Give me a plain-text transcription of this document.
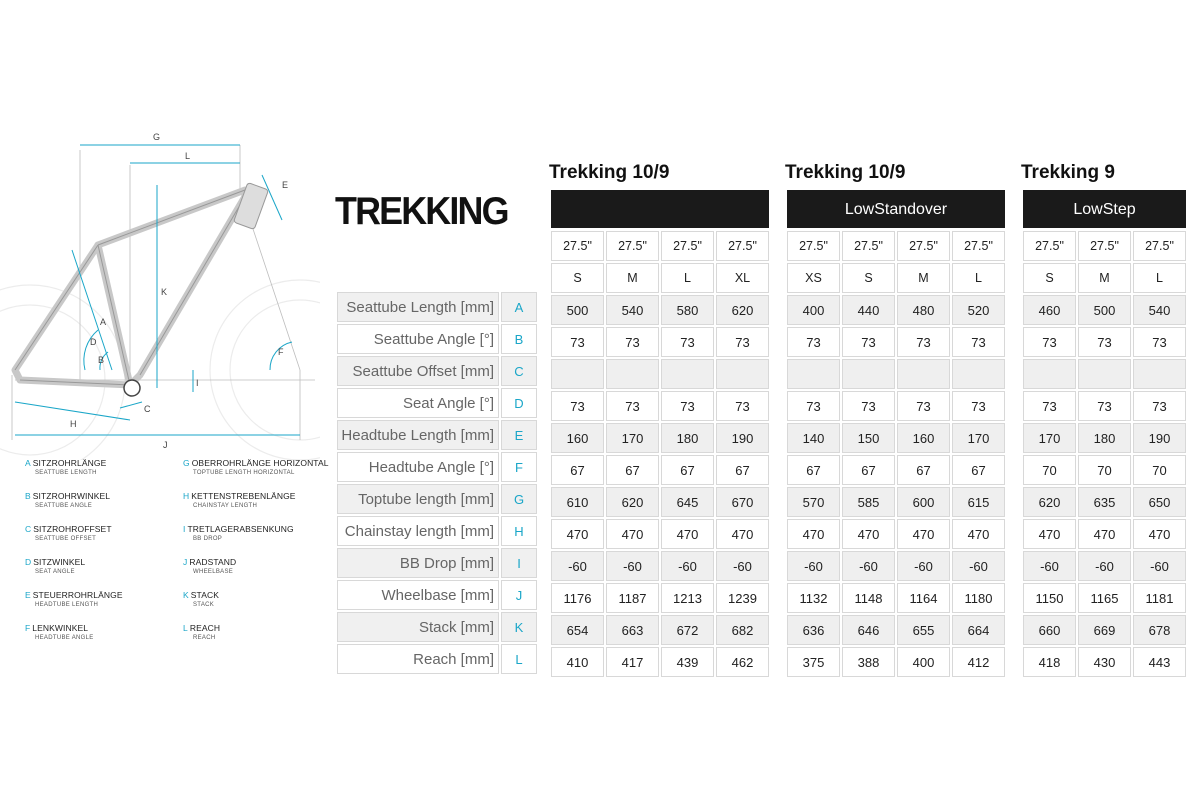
G
L
E
K
A
B
D
F
I
C
H
J
A SITZROHRLÄNGE
SEATTUBE LENGTH
B SITZROHRWINKEL
SEATTUBE ANGLE
C SITZROHROFFSET
SEATTUBE OFFSET
D SITZWINKEL
SEAT ANGLE
E STEUERROHRLÄNGE
HEADTUBE LENGTH
F LENKWINKEL
HEADTUBE ANGLE
G OBERROHRLÄNGE HORIZONTAL
TOPTUBE LENGTH HORIZONTAL
H KETTENSTREBENLÄNGE
CHAINSTAY LENGTH
I TRETLAGERABSENKUNG
BB DROP
J RADSTAND
WHEELBASE
K STACK
STACK
L REACH
REACH
TREKKING
Seattube Length [mm]	A
Seattube Angle [°]	B
Seattube Offset [mm]	C
Seat Angle [°]	D
Headtube Length [mm]	E
Headtube Angle [°]	F
Toptube length [mm]	G
Chainstay length [mm]	H
BB Drop [mm]	I
Wheelbase [mm]	J
Stack [mm]	K
Reach [mm]	L
Trekking 10/9
27.5"	27.5"	27.5"	27.5"
S	M	L	XL
500	540	580	620
73	73	73	73

73	73	73	73
160	170	180	190
67	67	67	67
610	620	645	670
470	470	470	470
-60	-60	-60	-60
1176	1187	1213	1239
654	663	672	682
410	417	439	462
Trekking 10/9
LowStandover
27.5"	27.5"	27.5"	27.5"
XS	S	M	L
400	440	480	520
73	73	73	73

73	73	73	73
140	150	160	170
67	67	67	67
570	585	600	615
470	470	470	470
-60	-60	-60	-60
1132	1148	1164	1180
636	646	655	664
375	388	400	412
Trekking 9
LowStep
27.5"	27.5"	27.5"
S	M	L
460	500	540
73	73	73

73	73	73
170	180	190
70	70	70
620	635	650
470	470	470
-60	-60	-60
1150	1165	1181
660	669	678
418	430	443
